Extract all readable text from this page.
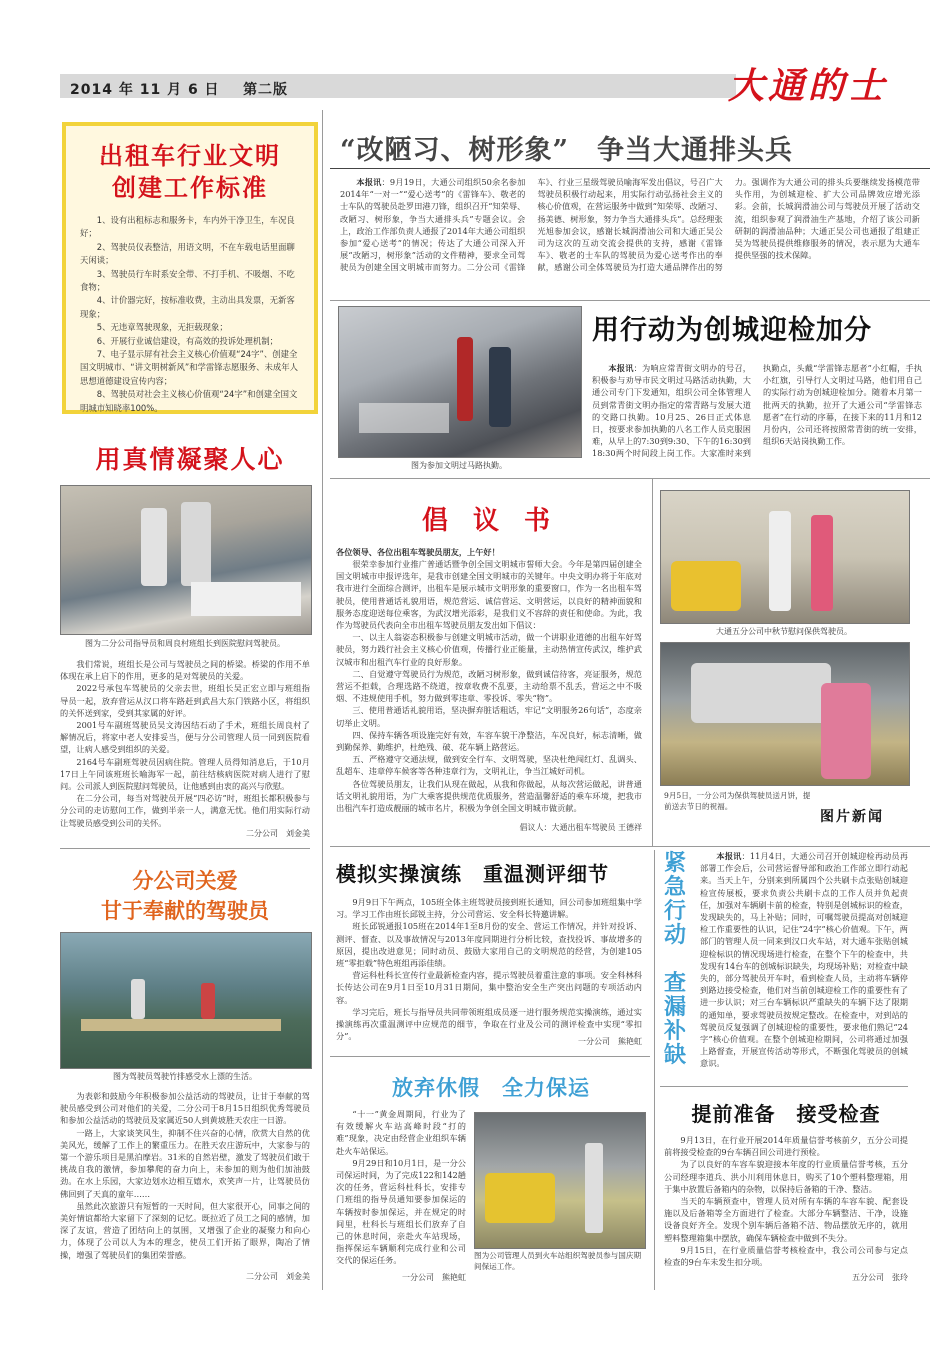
2014 年 11 月 6 日 第二版	大通的士
出租车行业文明
创建工作标准
1、设有出租标志和服务卡，车内外干净卫生，车况良好；
2、驾驶员仪表整洁，用语文明，不在车载电话里面聊天闲谈；
3、驾驶员行车时系安全带、不打手机、不吸烟、不吃食物；
4、计价器完好，按标准收费，主动出具发票，无新客现象；
5、无违章驾驶现象，无拒载现象；
6、开展行业诚信建设，有高效的投诉处理机制；
7、电子显示屏有社会主义核心价值观“24字”、创建全国文明城市、“讲文明树新风”和学雷锋志愿服务、未成年人思想道德建设宣传内容；
8、驾驶员对社会主义核心价值观“24字”和创建全国文明城市知晓率100%。
“改陋习、树形象”　争当大通排头兵

本报讯：9月19日，大通公司组织50余名参加2014年“一对一”“爱心送考”的《雷锋车》、敬老的士车队的驾驶员赴罗田港刀锋，组织召开“知荣辱、改陋习、树形象，争当大通排头兵”专题会议。会上，政治工作部负责人通报了2014年大通公司组织参加“爱心送考”的情况；传达了大通公司深入开展“改陋习，树形象”活动的文件精神，要求全司驾驶员为创建全国文明城市而努力。二分公司《雷锋车》、行业三星级驾驶员喻海军发出倡议，号召广大驾驶员积极行动起来，用实际行动弘扬社会主义的核心价值观，在营运服务中做到“知荣辱、改陋习、扬美德、树形象，努力争当大通排头兵”。总经理张光旭参加会议，感谢长城润滑油公司和大通正吴公司为这次的互动交流会提供的支持，感谢《雷锋车》、敬老的士车队的驾驶员为爱心送考作出的奉献，感谢公司全体驾驶员为打造大通品牌作出的努力。强调作为大通公司的排头兵要继续发扬模范带头作用，为创城迎检、扩大公司品牌效应增光添彩。会前，长城润滑油公司与驾驶员开展了活动交流，组织参观了润滑油生产基地，介绍了该公司新研制的润滑油品种；大通正吴公司也通报了组建正吴为驾驶员提供维修服务的情况，表示愿为大通车提供坚强的技术保障。

图为参加文明过马路执勤。
用行动为创城迎检加分

本报讯：为响应常青街文明办的号召，积极参与劝导市民文明过马路活动执勤，大通公司专门下发通知，组织公司全体管理人员到常青街文明办指定的常青路与发展大道的交路口执勤。10月25、26日正式体息日，按要求参加执勤的八名工作人员克服困难，从早上的7:30到9:30、下午的16:30到18:30两个时间段上岗工作。大家准时来到执勤点，头戴“学雷锋志愿者”小红帽，手执小红旗，引导行人文明过马路，他们用自己的实际行动为创城迎检加分。随着本月第一批两天的执勤，拉开了大通公司“学雷锋志愿者”在行动的序幕，在接下来的11月和12月份内，公司还将按照常青街的统一安排，组织6天站岗执勤工作。

用真情凝聚人心
图为二分公司指导员和周良村班组长到医院慰问驾驶员。

我们常说，班组长是公司与驾驶员之间的桥梁。桥梁的作用不单体现在承上启下的作用，更多的是对驾驶员的关爱。

2022号承包车驾驶员的父亲去世，班组长吴正宏立即与班组指导员一起，放弃营运从汉口将车路赶到武昌大东门铁路小区，将组织的关怀送到家，受到其家属的好评。

2001号车副班驾驶员吴文涛因结石动了手术，班组长周良村了解情况后，将家中老人安排妥当，便与分公司管理人员一同到医院看望，让病人感受到组织的关爱。

2164号车副班驾驶员因病住院。管理人员得知消息后，于10月17日上午同该班班长喻海军一起，前往结核病医院对病人进行了慰问。公司派人到医院慰问驾驶员，让他感到由衷的高兴与欣慰。

在二分公司，每当对驾驶员开展“四必访”时，班组长都积极参与分公司的走访慰问工作，做到半亲一人，满意无忧。他们用实际行动让驾驶员感受到公司的关怀。

二分公司　刘金美
分公司关爱
甘于奉献的驾驶员
图为驾驶员驾驶竹排感受水上漂的生活。

为表彰和鼓励今年积极参加公益活动的驾驶员，让甘于奉献的驾驶员感受到公司对他们的关爱，二分公司于8月15日组织优秀驾驶员和参加公益活动的驾驶员及家属近50人到黄坡胜天农庄一日游。

一路上，大家谈笑风生，抑制不住兴奋的心情，欣赏大自然的优美风光，缓解了工作上的繁重压力。在胜天农庄游玩中，大家参与的第一个游乐项目是黑泊摩岩。31米的自然岩壁，激发了驾驶员们敢于挑战自我的激情，参加攀爬的奋力向上，未参加的则为他们加油鼓劲。在水上乐园，大家边划水边相互嬉水，欢笑声一片，让驾驶员仿佛回到了天真的童年……

虽然此次旅游只有短暂的一天时间，但大家很开心，同事之间的美好情谊都给大家留下了深刻的记忆。既拉近了员工之间的感情，加深了友谊，营造了团结向上的氛围，又增强了企业的凝聚力和向心力，体现了公司以人为本的理念，使员工们开拓了眼界，陶冶了情操，增强了驾驶员们的集团荣誉感。

二分公司　刘金美
倡 议 书
各位领导、各位出租车驾驶员朋友，上午好！

很荣幸参加行业推广普通话暨争创全国文明城市誓师大会。今年是第四届创建全国文明城市申报评选年，是我市创建全国文明城市的关键年。中央文明办将于年底对我市进行全面综合测评，出租车是展示城市文明形象的重要窗口，作为一名出租车驾驶员，使用普通话礼貌用语，规范营运、诚信营运、文明营运，以良好的精神面貌和服务态度迎送每位乘客，为武汉增光添彩，是我们义不容辞的责任和使命。为此，我作为驾驶员代表向全市出租车驾驶员朋友发出如下倡议：

一、以主人翁姿态积极参与创建文明城市活动，做一个讲职业道德的出租车好驾驶员，努力践行社会主义核心价值观，传播行业正能量，主动热情宣传武汉，维护武汉城市和出租汽车行业的良好形象。

二、自觉遵守驾驶员行为规范，改陋习树形象，做到诚信待客，亮证服务，规范营运不拒载，合理选路不绕道，按章收费不乱要，主动给票不乱丢，营运之中不吸烟、不违规使用手机，努力做到零违章、零投诉、零失“物”。

三、使用普通话礼貌用语，坚决摒弃脏话粗话，牢记“文明服务26句话”，态度亲切举止文明。

四、保持车辆各项设施完好有效，车容车貌干净整洁，车况良好，标志清晰，做到勤保养、勤维护，杜绝残、破、花车辆上路营运。

五、严格遵守交通法规，做到安全行车、文明驾驶，坚决杜绝闯红灯、乱调头、乱超车、违章停车候客等各种违章行为，文明礼让，争当江城好司机。

各位驾驶员朋友，让我们从现在做起，从我和你做起，从每次营运做起，讲普通话文明礼貌用语，为广大乘客提供规范优质服务，营造温馨舒适的乘车环境，把我市出租汽车打造成靓丽的城市名片，积极为争创全国文明城市做贡献。

倡议人：大通出租车驾驶员 王德祥
大通五分公司中秋节慰问保供驾驶员。
9月5日，一分公司为保供驾驶员送月饼，提前送去节日的祝福。
图片新闻
模拟实操演练　重温测评细节

9月9日下午两点，105班全体主班驾驶员接到班长通知，回公司参加班组集中学习。学习工作由班长邱锐主持，分公司营运、安全科长特邀讲解。

班长邱锐通报105班在2014年1至8月份的安全、营运工作情况，并针对投诉、测评、督查、以及事故情况与2013年度同期进行分析比较，查找投诉、事故增多的原因，提出改进意见；同时动员、鼓励大家用自己的文明规范的经营，为创建105班“零拒载”特色班组再添佳绩。

营运科杜科长宣传行业最新检查内容，提示驾驶员着重注意的事项。安全科林科长传达公司在9月1日至10月31日期间，集中整治安全生产突出问题的专项活动内容。

学习完后，班长与指导员共同带领班组成员逐一进行服务规范实操演练，通过实操演练再次重温测评中应规范的细节，争取在行业及公司的测评检查中实现“零扣分”。

一分公司　熊艳虹
放弃休假　全力保运

“十一”黄金周期间，行业为了有效缓解火车站高峰时段“打的难”现象，决定由经营企业组织车辆赴火车站保运。

9月29日和10月1日，是一分公司保运时间，为了完成122和142趟次的任务，营运科杜科长，安排专门班组的指导员通知要参加保运的车辆按时参加保运，并在规定的时间里，杜科长与班组长们放弃了自己的休息时间，亲赴火车站现场，指挥保运车辆顺利完成行业和公司交代的保运任务。	图为公司管理人员到火车站组织驾驶员参与国庆期间保运工作。
一分公司　熊艳虹
紧急行动
查漏补缺

本报讯：11月4日，大通公司召开创城迎检再动员再部署工作会后，公司营运督导部和政治工作部立即行动起来。当天上午，分别来到所属四个公共刷卡点张贴创城迎检宣传展板，要求负责公共刷卡点的工作人员并负起责任，加强对车辆刷卡前的检查，特别是创城标识的检查，发现缺失的，马上补贴；同时，可嘱驾驶员提高对创城迎检工作重要性的认识，记住“24字”核心价值观。下午，两部门的管理人员一同来到汉口火车站，对大通车张贴创城迎检标识的情况现场进行检查，在整个下午的检查中，共发现有14台车的创城标识缺失，均现场补贴；对检查中缺失的，部分驾驶员开车时，看到检查人员，主动将车辆停到路边接受检查，他们对当前创城迎检工作的重要性有了进一步认识；对三台车辆标识严重缺失的车辆下达了限期的通知单，要求驾驶员按规定整改。在检查中，对到站的驾驶员反复强调了创城迎检的重要性，要求他们熟记“24字”核心价值观。在整个创城迎检期间，公司将通过加强上路督查，开展宣传活动等形式，不断强化驾驶员的创城意识。

提前准备　接受检查

9月13日，在行业开展2014年质量信誉考核前夕，五分公司提前将接受检查的9台车辆召回公司进行预检。

为了以良好的车容车貌迎接本年度的行业质量信誉考核，五分公司经理李道兵、洪小川利用休息日，购买了10个塑料整理箱，用于集中放置后备箱内的杂物，以保持后备箱的干净、整洁。

当天的车辆预查中，管理人员对所有车辆的车容车貌、配套设施以及后备箱等全方面进行了检查。大部分车辆整洁、干净，设施设备良好齐全。发现个别车辆后备箱不洁、物品摆放无序的，就用塑料整理箱集中摆放，确保车辆检查中做到不失分。

9月15日，在行业质量信誉考核检查中，我公司公司参与定点检查的9台车未发生扣分项。

五分公司　张玲
